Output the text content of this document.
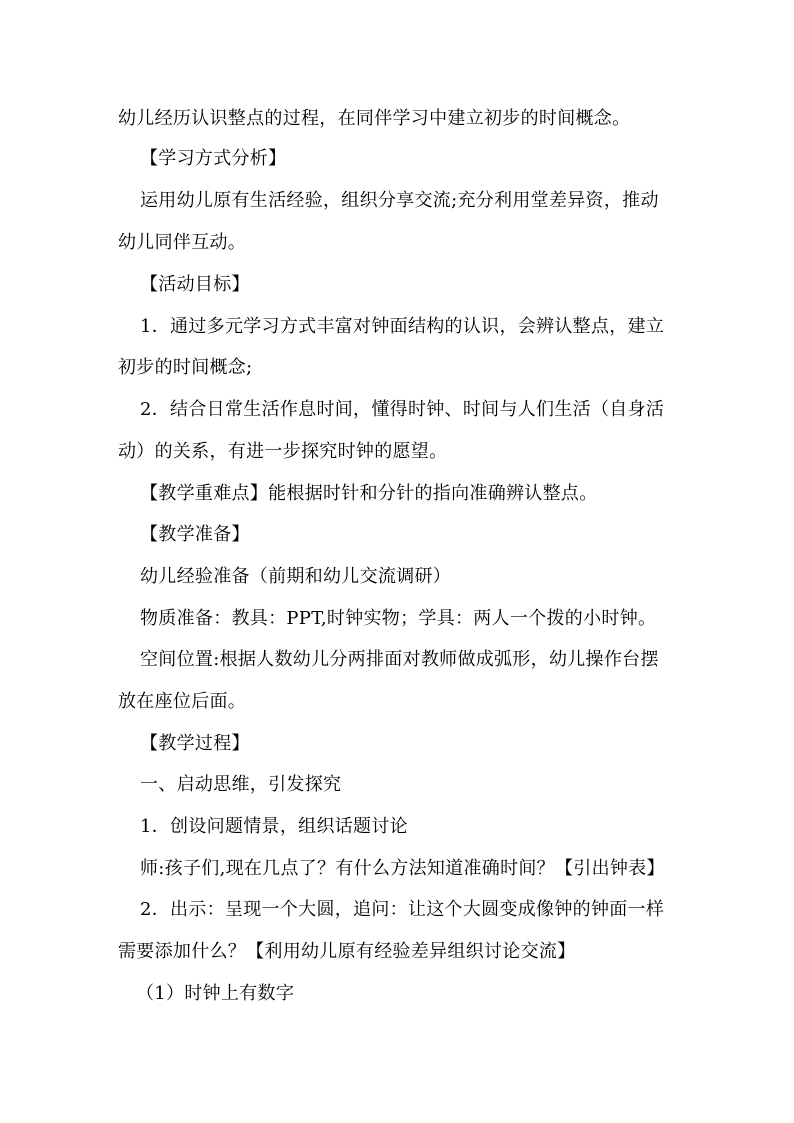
幼儿经历认识整点的过程，在同伴学习中建立初步的时间概念。
【学习方式分析】
运用幼儿原有生活经验，组织分享交流;充分利用堂差异资，推动
幼儿同伴互动。
【活动目标】
1．通过多元学习方式丰富对钟面结构的认识，会辨认整点，建立
初步的时间概念;
2．结合日常生活作息时间，懂得时钟、时间与人们生活（自身活
动）的关系，有进一步探究时钟的愿望。
【教学重难点】能根据时针和分针的指向准确辨认整点。
【教学准备】
幼儿经验准备（前期和幼儿交流调研）
物质准备：教具：PPT,时钟实物；学具：两人一个拨的小时钟。
空间位置:根据人数幼儿分两排面对教师做成弧形，幼儿操作台摆
放在座位后面。
【教学过程】
一、启动思维，引发探究
1．创设问题情景，组织话题讨论
师:孩子们,现在几点了？有什么方法知道准确时间？【引出钟表】
2．出示：呈现一个大圆，追问：让这个大圆变成像钟的钟面一样
需要添加什么？【利用幼儿原有经验差异组织讨论交流】
（1）时钟上有数字
